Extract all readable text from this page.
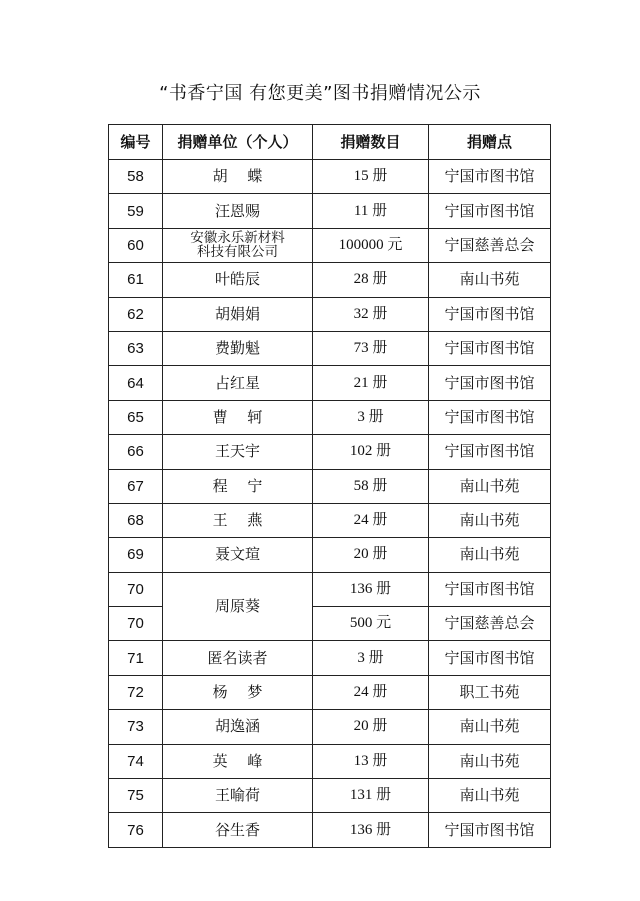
“书香宁国 有您更美”图书捐赠情况公示
编号	捐赠单位（个人）	捐赠数目	捐赠点
58	胡　 蝶	15 册	宁国市图书馆
59	汪恩赐	11 册	宁国市图书馆
60	安徽永乐新材料
科技有限公司	100000 元	宁国慈善总会
61	叶皓辰	28 册	南山书苑
62	胡娟娟	32 册	宁国市图书馆
63	费勤魁	73 册	宁国市图书馆
64	占红星	21 册	宁国市图书馆
65	曹　 轲	3 册	宁国市图书馆
66	王天宇	102 册	宁国市图书馆
67	程　 宁	58 册	南山书苑
68	王　 燕	24 册	南山书苑
69	聂文瑄	20 册	南山书苑
70	周原葵	136 册	宁国市图书馆
70		500 元	宁国慈善总会
71	匿名读者	3 册	宁国市图书馆
72	杨　 梦	24 册	职工书苑
73	胡逸涵	20 册	南山书苑
74	英　 峰	13 册	南山书苑
75	王喻荷	131 册	南山书苑
76	谷生香	136 册	宁国市图书馆
